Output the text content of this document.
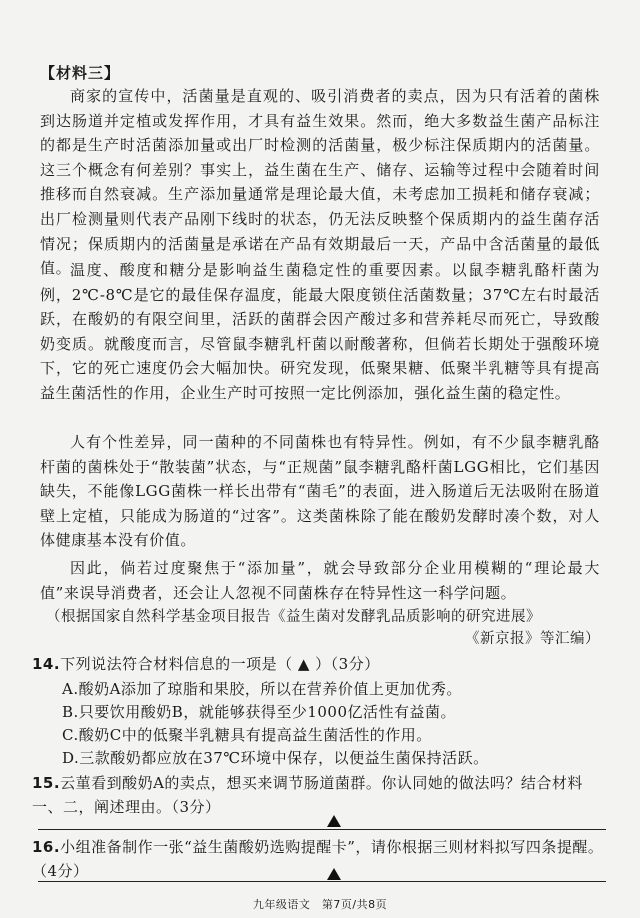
【材料三】

商家的宣传中，活菌量是直观的、吸引消费者的卖点，因为只有活着的菌株到达肠道并定植或发挥作用，才具有益生效果。然而，绝大多数益生菌产品标注的都是生产时活菌添加量或出厂时检测的活菌量，极少标注保质期内的活菌量。这三个概念有何差别？事实上，益生菌在生产、储存、运输等过程中会随着时间推移而自然衰减。生产添加量通常是理论最大值，未考虑加工损耗和储存衰减；出厂检测量则代表产品刚下线时的状态，仍无法反映整个保质期内的益生菌存活情况；保质期内的活菌量是承诺在产品有效期最后一天，产品中含活菌量的最低值。

温度、酸度和糖分是影响益生菌稳定性的重要因素。以鼠李糖乳酪杆菌为例，2℃-8℃是它的最佳保存温度，能最大限度锁住活菌数量；37℃左右时最活跃，在酸奶的有限空间里，活跃的菌群会因产酸过多和营养耗尽而死亡，导致酸奶变质。就酸度而言，尽管鼠李糖乳杆菌以耐酸著称，但倘若长期处于强酸环境下，它的死亡速度仍会大幅加快。研究发现，低聚果糖、低聚半乳糖等具有提高益生菌活性的作用，企业生产时可按照一定比例添加，强化益生菌的稳定性。

人有个性差异，同一菌种的不同菌株也有特异性。例如，有不少鼠李糖乳酪杆菌的菌株处于“散装菌”状态，与“正规菌”鼠李糖乳酪杆菌LGG相比，它们基因缺失，不能像LGG菌株一样长出带有“菌毛”的表面，进入肠道后无法吸附在肠道壁上定植，只能成为肠道的“过客”。这类菌株除了能在酸奶发酵时凑个数，对人体健康基本没有价值。

因此，倘若过度聚焦于“添加量”，就会导致部分企业用模糊的“理论最大值”来误导消费者，还会让人忽视不同菌株存在特异性这一科学问题。

（根据国家自然科学基金项目报告《益生菌对发酵乳品质影响的研究进展》
《新京报》等汇编）

14.下列说法符合材料信息的一项是（ ▲ ）（3分）

A.酸奶A添加了琼脂和果胶，所以在营养价值上更加优秀。
B.只要饮用酸奶B，就能够获得至少1000亿活性有益菌。
C.酸奶C中的低聚半乳糖具有提高益生菌活性的作用。
D.三款酸奶都应放在37℃环境中保存，以便益生菌保持活跃。

15.云菫看到酸奶A的卖点，想买来调节肠道菌群。你认同她的做法吗？结合材料一、二，阐述理由。（3分）

16.小组准备制作一张“益生菌酸奶选购提醒卡”，请你根据三则材料拟写四条提醒。（4分）

九年级语文　第7页/共8页
